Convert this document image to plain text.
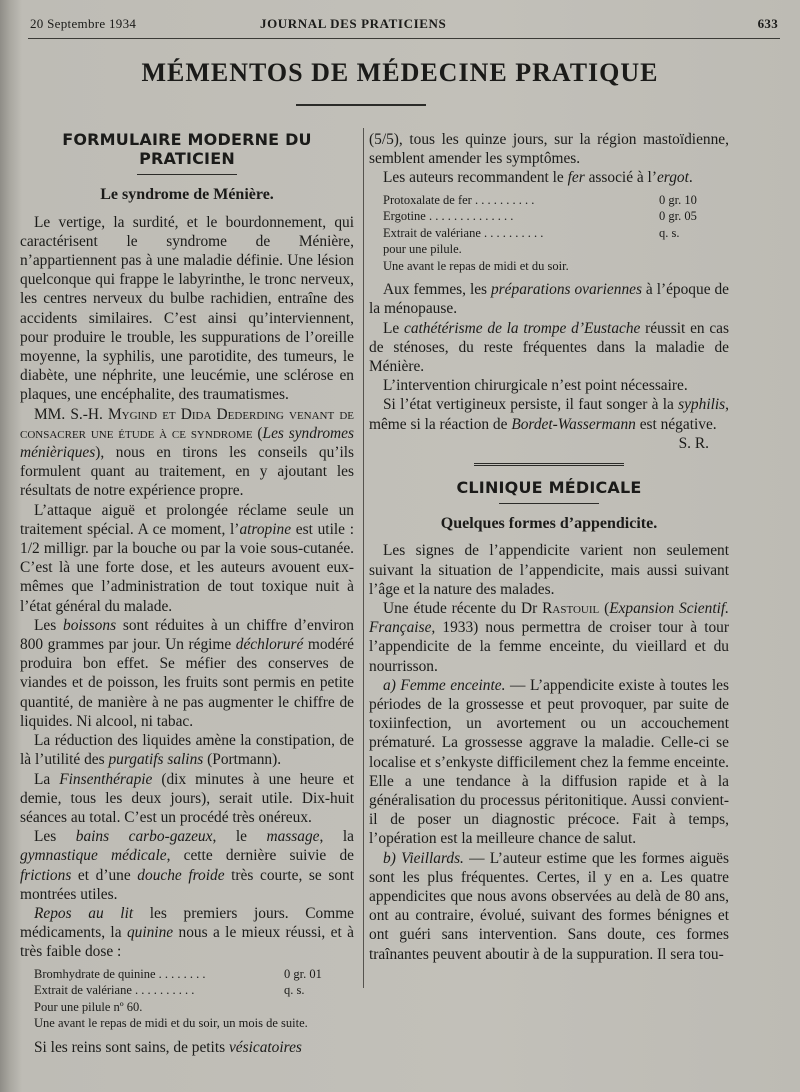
20 Septembre 1934	JOURNAL DES PRATICIENS	633
MÉMENTOS DE MÉDECINE PRATIQUE
FORMULAIRE MODERNE DU PRATICIEN
Le syndrome de Ménière.

Le vertige, la surdité, et le bourdonnement, qui caractérisent le syndrome de Ménière, n’appartiennent pas à une maladie définie. Une lésion quelconque qui frappe le labyrinthe, le tronc nerveux, les centres nerveux du bulbe rachidien, entraîne des accidents similaires. C’est ainsi qu’interviennent, pour produire le trouble, les suppurations de l’oreille moyenne, la syphilis, une parotidite, des tumeurs, le diabète, une néphrite, une leucémie, une sclérose en plaques, une encéphalite, des traumatismes.

MM. S.-H. Mygind et Dida Dederding venant de consacrer une étude à ce syndrome (Les syndromes ménièriques), nous en tirons les conseils qu’ils formulent quant au traitement, en y ajoutant les résultats de notre expérience propre.

L’attaque aiguë et prolongée réclame seule un traitement spécial. A ce moment, l’atropine est utile : 1/2 milligr. par la bouche ou par la voie sous-cutanée. C’est là une forte dose, et les auteurs avouent eux-mêmes que l’administration de tout toxique nuit à l’état général du malade.

Les boissons sont réduites à un chiffre d’environ 800 grammes par jour. Un régime déchloruré modéré produira bon effet. Se méfier des conserves de viandes et de poisson, les fruits sont permis en petite quantité, de manière à ne pas augmenter le chiffre de liquides. Ni alcool, ni tabac.

La réduction des liquides amène la constipation, de là l’utilité des purgatifs salins (Portmann).

La Finsenthérapie (dix minutes à une heure et demie, tous les deux jours), serait utile. Dix-huit séances au total. C’est un procédé très onéreux.

Les bains carbo-gazeux, le massage, la gymnastique médicale, cette dernière suivie de frictions et d’une douche froide très courte, se sont montrées utiles.

Repos au lit les premiers jours. Comme médicaments, la quinine nous a le mieux réussi, et à très faible dose :

Bromhydrate de quinine . . . . . . . .	0 gr. 01
Extrait de valériane . . . . . . . . . .	q. s.
Pour une pilule nº 60.
Une avant le repas de midi et du soir, un mois de suite.

Si les reins sont sains, de petits vésicatoires

(5/5), tous les quinze jours, sur la région mastoïdienne, semblent amender les symptômes.

Les auteurs recommandent le fer associé à l’ergot.

Protoxalate de fer . . . . . . . . . .	0 gr. 10
Ergotine . . . . . . . . . . . . . .	0 gr. 05
Extrait de valériane . . . . . . . . . .	q. s.
pour une pilule.
Une avant le repas de midi et du soir.

Aux femmes, les préparations ovariennes à l’époque de la ménopause.

Le cathétérisme de la trompe d’Eustache réussit en cas de sténoses, du reste fréquentes dans la maladie de Ménière.

L’intervention chirurgicale n’est point nécessaire.

Si l’état vertigineux persiste, il faut songer à la syphilis, même si la réaction de Bordet-Wassermann est négative.

S. R.
CLINIQUE MÉDICALE
Quelques formes d’appendicite.

Les signes de l’appendicite varient non seulement suivant la situation de l’appendicite, mais aussi suivant l’âge et la nature des malades.

Une étude récente du Dr Rastouil (Expansion Scientif. Française, 1933) nous permettra de croiser tour à tour l’appendicite de la femme enceinte, du vieillard et du nourrisson.

a) Femme enceinte. — L’appendicite existe à toutes les périodes de la grossesse et peut provoquer, par suite de toxiinfection, un avortement ou un accouchement prématuré. La grossesse aggrave la maladie. Celle-ci se localise et s’enkyste difficilement chez la femme enceinte. Elle a une tendance à la diffusion rapide et à la généralisation du processus péritonitique. Aussi convient-il de poser un diagnostic précoce. Fait à temps, l’opération est la meilleure chance de salut.

b) Vieillards. — L’auteur estime que les formes aiguës sont les plus fréquentes. Certes, il y en a. Les quatre appendicites que nous avons observées au delà de 80 ans, ont au contraire, évolué, suivant des formes bénignes et ont guéri sans intervention. Sans doute, ces formes traînantes peuvent aboutir à de la suppuration. Il sera tou-
